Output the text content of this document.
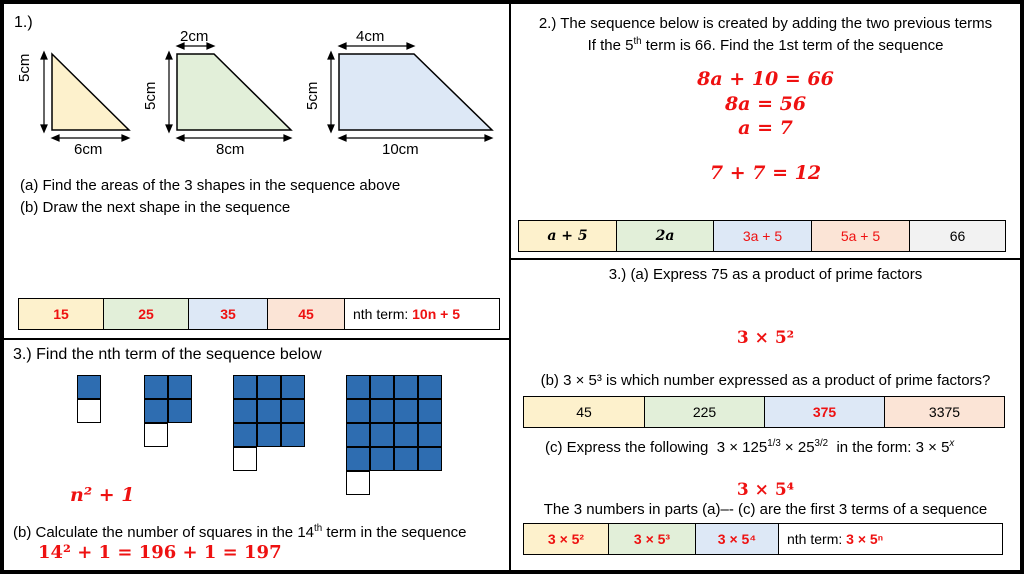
1.)
5cm
6cm
2cm
5cm
8cm
4cm
5cm
10cm
(a) Find the areas of the 3 shapes in the sequence above
(b) Draw the next shape in the sequence
15	25	35	45	nth term: 10n + 5
2.) The sequence below is created by adding the two previous terms
If the 5th term is 66. Find the 1st term of the sequence
8a + 10 = 66
8a = 56
a = 7
7 + 7 = 12
a + 5	2a	3a + 5	5a + 5	66
3.) Find the nth term of the sequence below
n² + 1
(b) Calculate the number of squares in the 14th term in the sequence
14² + 1 = 196 + 1 = 197
3.) (a) Express 75 as a product of prime factors
3 × 5²
(b) 3 × 5³ is which number expressed as a product of prime factors?
45	225	375	3375
(c) Express the following  $3 \times 125^{1/3} \times 25^{3/2}$  in the form: $3 \times 5^x$
3 × 5⁴
The 3 numbers in parts (a)–- (c) are the first 3 terms of a sequence
3 × 5²	3 × 5³	3 × 5⁴	nth term: 3 × 5ⁿ
